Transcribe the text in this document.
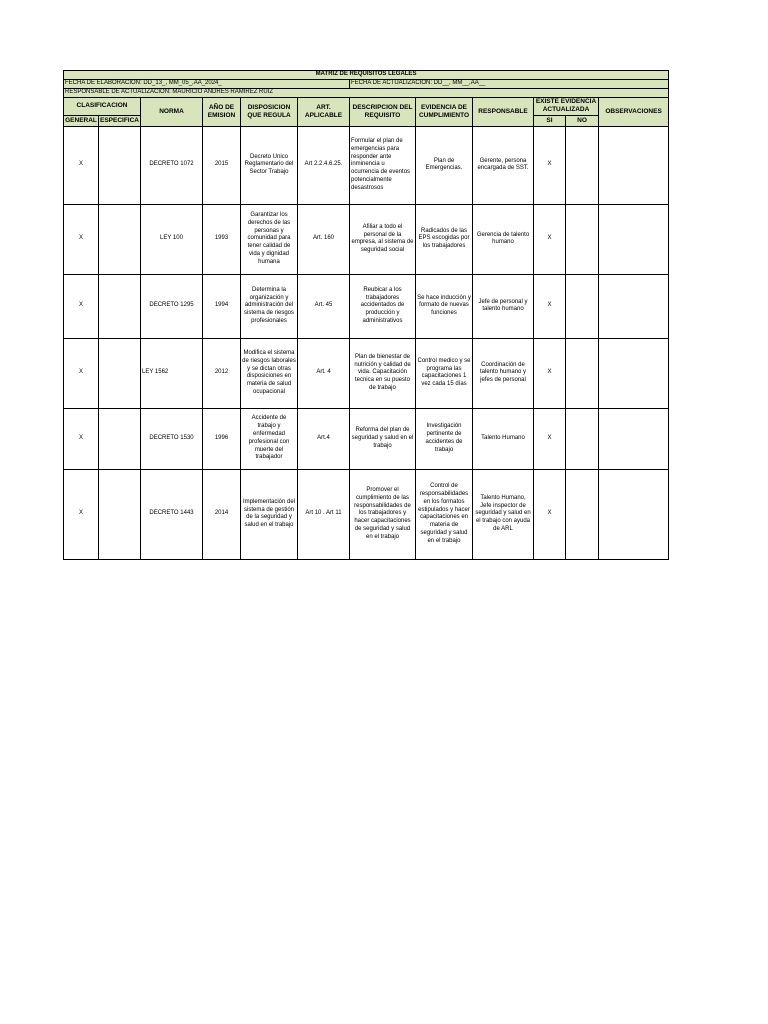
MATRIZ DE REQUISITOS LEGALES											
FECHA DE ELABORACION: DD_13_, MM_05_,AA_2024_						FECHA DE ACTUALIZACION: DD__, MM__,AA__					
RESPONSABLE DE ACTUALIZACION: MAURICIO ANDRES RAMIREZ RUIZ											
CLASIFICACION		NORMA	AÑO DE EMISION	DISPOSICION QUE REGULA	ART. APLICABLE	DESCRIPCION DEL REQUISITO	EVIDENCIA DE CUMPLIMIENTO	RESPONSABLE	EXISTE EVIDENCIA ACTUALIZADA		OBSERVACIONES
GENERAL	ESPECIFICA								SI	NO	
X		DECRETO 1072	2015	Decreto Unico Reglamentario del Sector Trabajo	Art 2.2.4.6.25.	Formular el plan de emergencias para responder ante inminencia u ocurrencia de eventos potencialmente desastrosos	Plan de Emergencias.	Gerente, persona encargada de SST.	X		
X		LEY 100	1993	Garantizar los derechos de las personas y comunidad para tener calidad de vida y dignidad humana	Art. 160	Afiliar a todo el personal de la empresa, al sistema de seguridad social	Radicados de las EPS escogidas por los trabajadores	Gerencia de talento humano	X		
X		DECRETO 1295	1994	Determina la organización y administración del sistema de riesgos profesionales	Art. 45	Reubicar a los trabajadores accidentados de producción y administrativos	Se hace inducción y formato de nuevas funciones	Jefe de personal y talento humano	X		
X		LEY 1562	2012	Modifica el sistema de riesgos laborales y se dictan otras disposiciones en materia de salud ocupacional	Art. 4	Plan de bienestar de nutrición y calidad de vida. Capacitación tecnica en su puesto de trabajo	Control medico y se programa las capacitaciones 1 vez cada 15 días	Coordinación de talento humano y jefes de personal	X		
X		DECRETO 1530	1996	Accidente de trabajo y enfermedad profesional con muerte del trabajador	Art.4	Reforma del plan de seguridad y salud en el trabajo	Investigación pertinente de accidentes de trabajo	Talento Humano	X		
X		DECRETO 1443	2014	Implementación del sistema de gestión de la seguridad y salud en el trabajo	Art 10 . Art 11	Promover el cumplimiento de las responsabilidades de los trabajadores y hacer capacitaciones de seguridad y salud en el trabajo	Control de responsabilidades en los formatos estipulados y hacer capacitaciones en materia de seguridad y salud en el trabajo	Talento Humano, Jefe inspector de seguridad y salud en el trabajo con ayuda de ARL	X		
